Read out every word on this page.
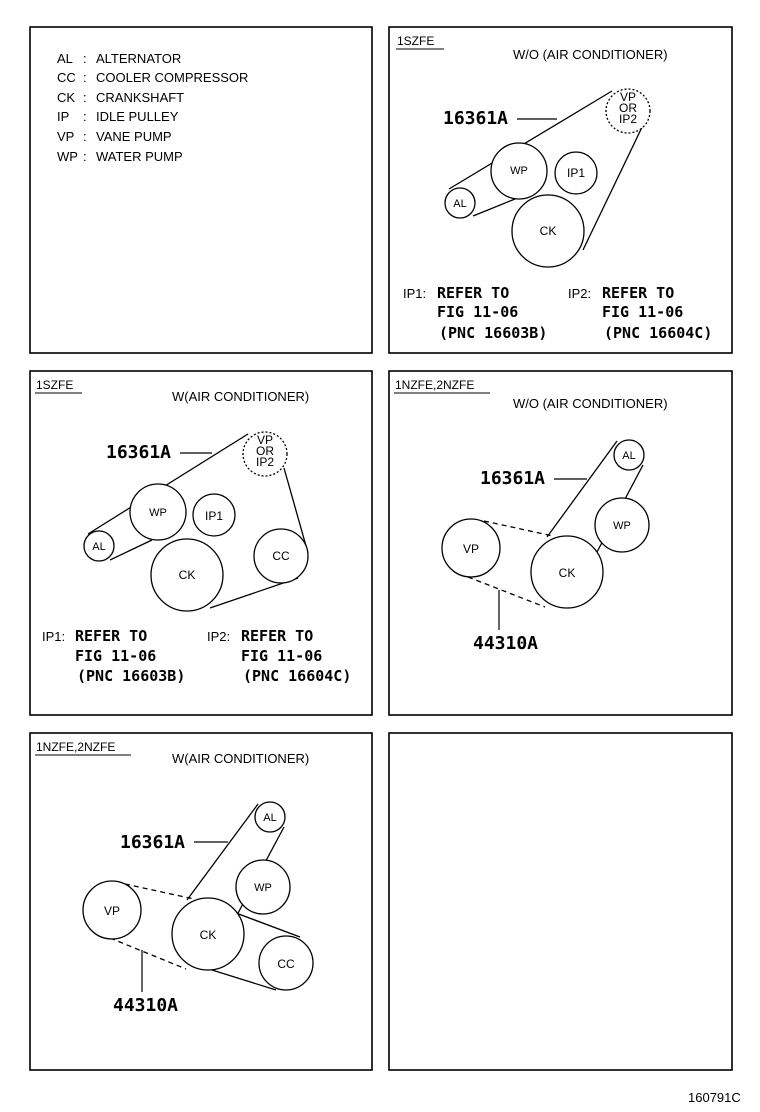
AL : ALTERNATOR
CC : COOLER COMPRESSOR
CK : CRANKSHAFT
IP : IDLE PULLEY
VP : VANE PUMP
WP : WATER PUMP
1SZFE
W/O (AIR CONDITIONER)
AL
WP	IP1
CK
VP OR IP2
16361A
IP1: REFER TO
FIG 11-06
(PNC 16603B)
IP2: REFER TO
FIG 11-06
(PNC 16604C)
1SZFE
W(AIR CONDITIONER)
AL
WP	IP1
CK
CC
VP OR IP2
16361A
IP1: REFER TO
FIG 11-06
(PNC 16603B)
IP2: REFER TO
FIG 11-06
(PNC 16604C)
1NZFE,2NZFE
W/O (AIR CONDITIONER)
AL
WP
VP
CK
16361A
44310A
1NZFE,2NZFE
W(AIR CONDITIONER)
AL
WP
VP
CK
CC
16361A
44310A
160791C
